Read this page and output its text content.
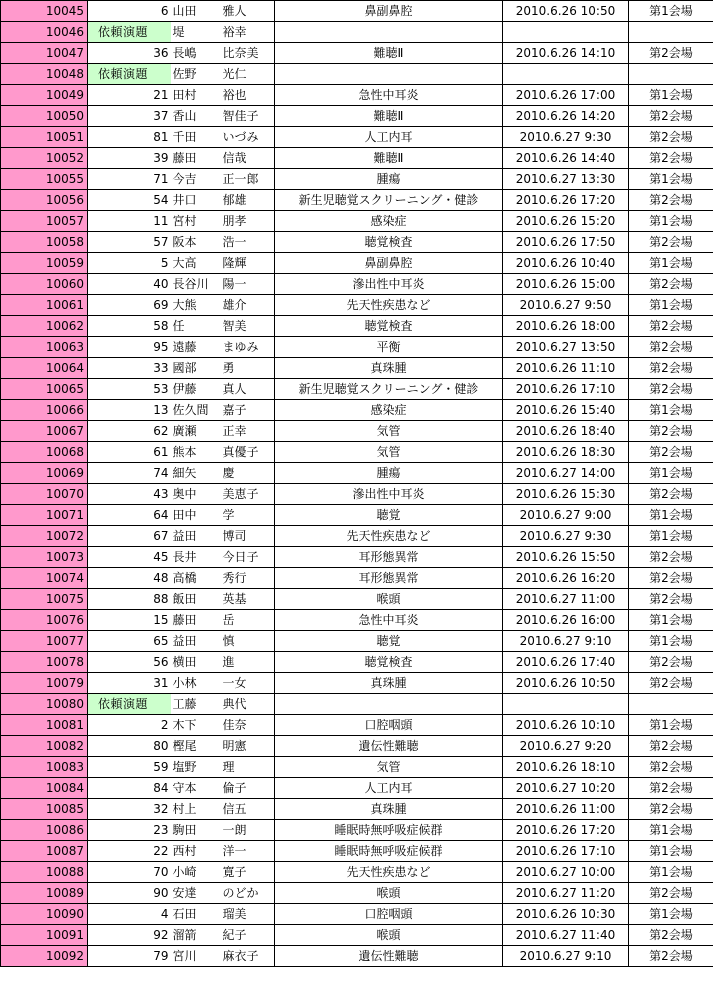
10045	6	山田	雅人	鼻副鼻腔	2010.6.26 10:50	第1会場
10046	依頼演題	堤	裕幸			
10047	36	長嶋	比奈美	難聴Ⅱ	2010.6.26 14:10	第2会場
10048	依頼演題	佐野	光仁			
10049	21	田村	裕也	急性中耳炎	2010.6.26 17:00	第1会場
10050	37	香山	智佳子	難聴Ⅱ	2010.6.26 14:20	第2会場
10051	81	千田	いづみ	人工内耳	2010.6.27 9:30	第2会場
10052	39	藤田	信哉	難聴Ⅱ	2010.6.26 14:40	第2会場
10055	71	今吉	正一郎	腫瘍	2010.6.27 13:30	第1会場
10056	54	井口	郁雄	新生児聴覚スクリーニング・健診	2010.6.26 17:20	第2会場
10057	11	宮村	朋孝	感染症	2010.6.26 15:20	第1会場
10058	57	阪本	浩一	聴覚検査	2010.6.26 17:50	第2会場
10059	5	大高	隆輝	鼻副鼻腔	2010.6.26 10:40	第1会場
10060	40	長谷川	陽一	滲出性中耳炎	2010.6.26 15:00	第2会場
10061	69	大熊	雄介	先天性疾患など	2010.6.27 9:50	第1会場
10062	58	任	智美	聴覚検査	2010.6.26 18:00	第2会場
10063	95	遠藤	まゆみ	平衡	2010.6.27 13:50	第2会場
10064	33	國部	勇	真珠腫	2010.6.26 11:10	第2会場
10065	53	伊藤	真人	新生児聴覚スクリーニング・健診	2010.6.26 17:10	第2会場
10066	13	佐久間	嘉子	感染症	2010.6.26 15:40	第1会場
10067	62	廣瀬	正幸	気管	2010.6.26 18:40	第2会場
10068	61	熊本	真優子	気管	2010.6.26 18:30	第2会場
10069	74	細矢	慶	腫瘍	2010.6.27 14:00	第1会場
10070	43	奥中	美恵子	滲出性中耳炎	2010.6.26 15:30	第2会場
10071	64	田中	学	聴覚	2010.6.27 9:00	第1会場
10072	67	益田	博司	先天性疾患など	2010.6.27 9:30	第1会場
10073	45	長井	今日子	耳形態異常	2010.6.26 15:50	第2会場
10074	48	高橋	秀行	耳形態異常	2010.6.26 16:20	第2会場
10075	88	飯田	英基	喉頭	2010.6.27 11:00	第2会場
10076	15	藤田	岳	急性中耳炎	2010.6.26 16:00	第1会場
10077	65	益田	慎	聴覚	2010.6.27 9:10	第1会場
10078	56	横田	進	聴覚検査	2010.6.26 17:40	第2会場
10079	31	小林	一女	真珠腫	2010.6.26 10:50	第2会場
10080	依頼演題	工藤	典代			
10081	2	木下	佳奈	口腔咽頭	2010.6.26 10:10	第1会場
10082	80	樫尾	明憲	遺伝性難聴	2010.6.27 9:20	第2会場
10083	59	塩野	理	気管	2010.6.26 18:10	第2会場
10084	84	守本	倫子	人工内耳	2010.6.27 10:20	第2会場
10085	32	村上	信五	真珠腫	2010.6.26 11:00	第2会場
10086	23	駒田	一朗	睡眠時無呼吸症候群	2010.6.26 17:20	第1会場
10087	22	西村	洋一	睡眠時無呼吸症候群	2010.6.26 17:10	第1会場
10088	70	小崎	寛子	先天性疾患など	2010.6.27 10:00	第1会場
10089	90	安達	のどか	喉頭	2010.6.27 11:20	第2会場
10090	4	石田	瑠美	口腔咽頭	2010.6.26 10:30	第1会場
10091	92	溜箭	紀子	喉頭	2010.6.27 11:40	第2会場
10092	79	宮川	麻衣子	遺伝性難聴	2010.6.27 9:10	第2会場
